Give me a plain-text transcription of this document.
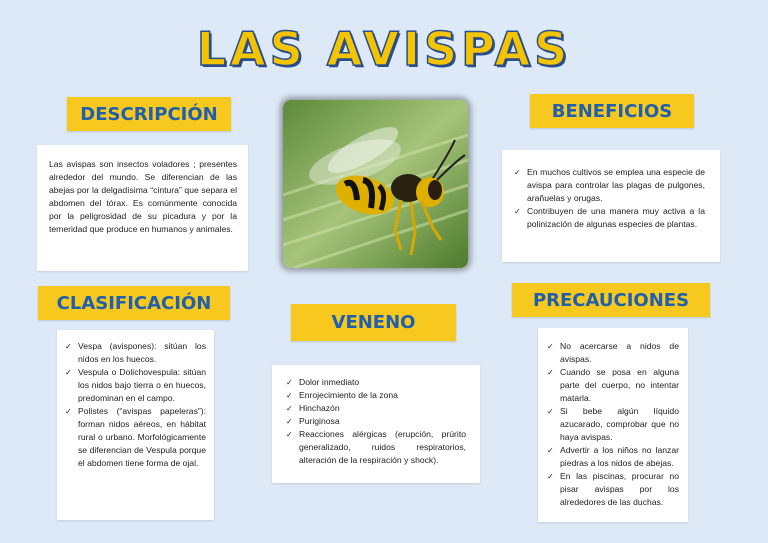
LAS AVISPAS
DESCRIPCIÓN
Las avispas son insectos voladores ; presentes alrededor del mundo. Se diferencian de las abejas por la delgadísima “cintura” que separa el abdomen del tórax. Es comúnmente conocida por la peligrosidad de su picadura y por la temeridad que produce en humanos y animales.
BENEFICIOS
✓ En muchos cultivos se emplea una especie de avispa para controlar las plagas de pulgones, arañuelas y orugas.
✓ Contribuyen de una manera muy activa a la polinización de algunas especies de plantas.
CLASIFICACIÓN
✓ Vespa (avispones): sitúan los nidos en los huecos.
✓ Vespula o Dolichovespula: sitúan los nidos bajo tierra o en huecos, predominan en el campo.
✓ Polistes (“avispas papeleras”): forman nidos aéreos, en hábitat rural o urbano. Morfológicamente se diferencian de Vespula porque el abdomen tiene forma de ojal.
VENENO
✓ Dolor inmediato
✓ Enrojecimiento de la zona
✓ Hinchazón
✓ Puriginosa
✓ Reacciones alérgicas (erupción, prúrito generalizado, ruidos respiratorios, alteración de la respiración y shock).
PRECAUCIONES
✓ No acercarse a nidos de avispas.
✓ Cuando se posa en alguna parte del cuerpo, no intentar matarla.
✓ Si bebe algún líquido azucarado, comprobar que no haya avispas.
✓ Advertir a los niños no lanzar piedras a los nidos de abejas.
✓ En las piscinas, procurar no pisar avispas por los alrededores de las duchas.
